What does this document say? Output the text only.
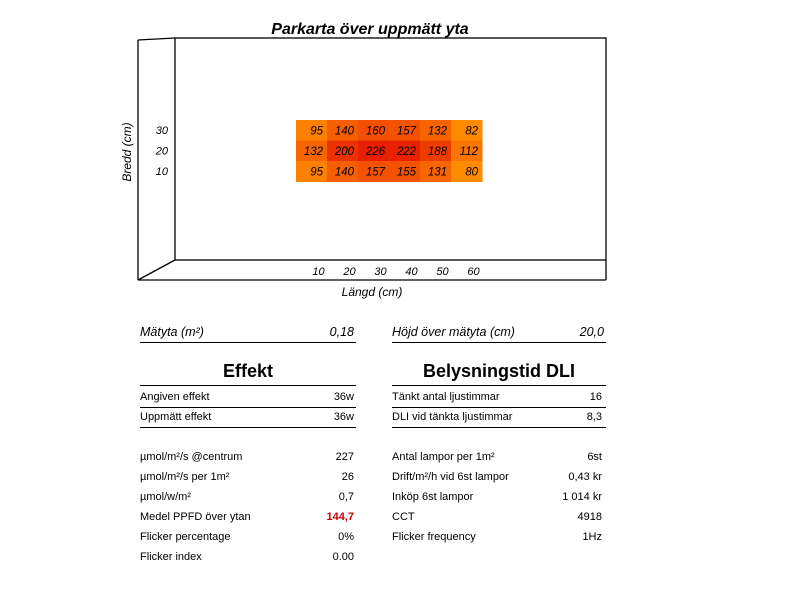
Parkarta över uppmätt yta
Bredd (cm)
Längd (cm)
95 140 160 157 132 82
132 200 226 222 188 112
95 140 157 155 131 80
10 20 30 40 50 60
30
20
10
Mätyta (m²)	0,18	Höjd över mätyta (cm)	20,0
Effekt	Belysningstid DLI
Angiven effekt	36w
Uppmätt effekt	36w
µmol/m²/s @centrum	227
µmol/m²/s per 1m²	26
µmol/w/m²	0,7
Medel PPFD över ytan	144,7
Flicker percentage	0%
Flicker index	0.00
Tänkt antal ljustimmar	16
DLI vid tänkta ljustimmar	8,3
Antal lampor per 1m²	6st
Drift/m²/h vid 6st lampor	0,43 kr
Inköp 6st lampor	1 014 kr
CCT	4918
Flicker frequency	1Hz
